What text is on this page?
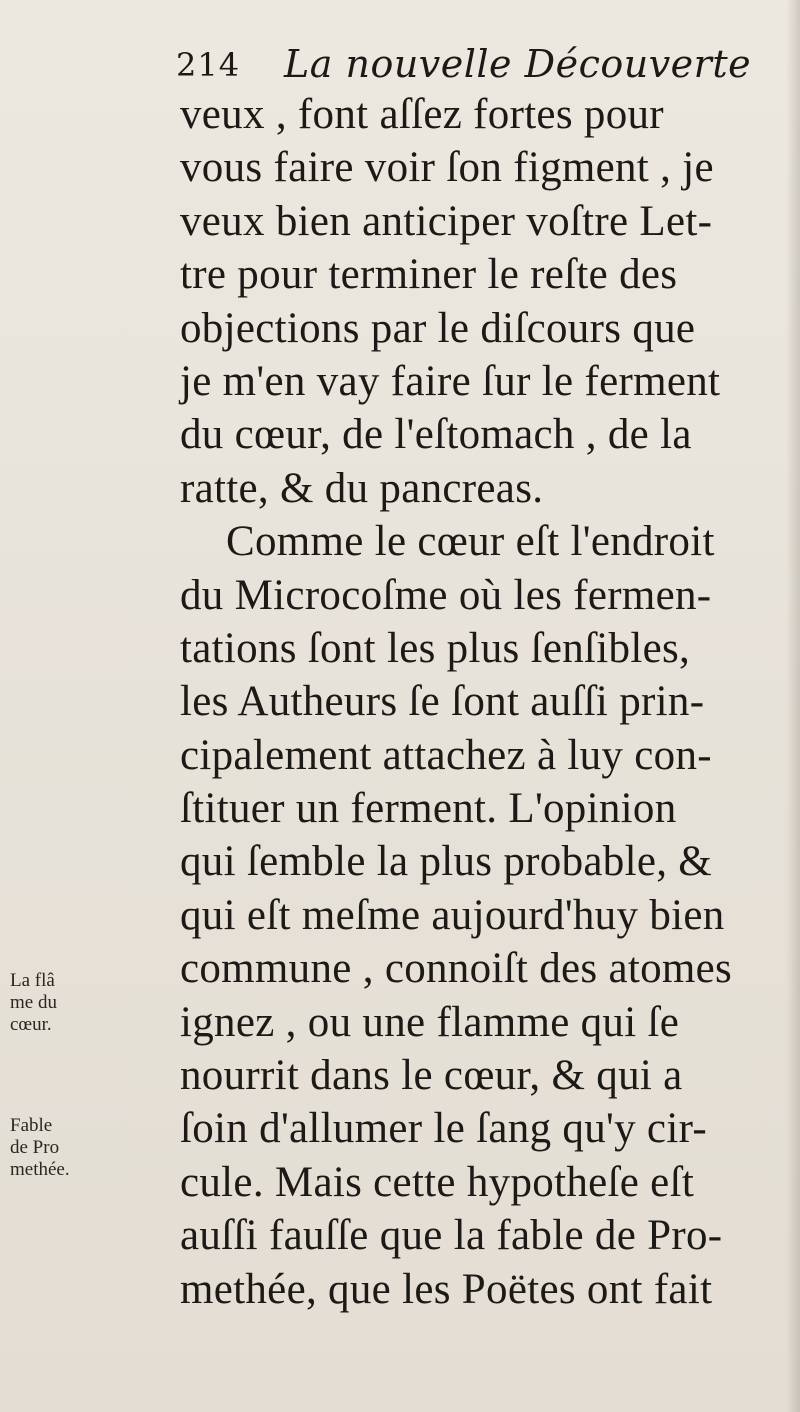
214 La nouvelle Découverte
veux , font aſſez fortes pour
vous faire voir ſon figment , je
veux bien anticiper voſtre Let-
tre pour terminer le reſte des
objections par le diſcours que
je m'en vay faire ſur le ferment
du cœur, de l'eſtomach , de la
ratte, & du pancreas.
Comme le cœur eſt l'endroit
du Microcoſme où les fermen-
tations ſont les plus ſenſibles,
les Autheurs ſe ſont auſſi prin-
cipalement attachez à luy con-
ſtituer un ferment. L'opinion
qui ſemble la plus probable, &
qui eſt meſme aujourd'huy bien
commune , connoiſt des atomes
ignez , ou une flamme qui ſe
nourrit dans le cœur, & qui a
ſoin d'allumer le ſang qu'y cir-
cule. Mais cette hypotheſe eſt
auſſi fauſſe que la fable de Pro-
methée, que les Poëtes ont fait
La flâ
me du
cœur.
Fable
de Pro
methée.
